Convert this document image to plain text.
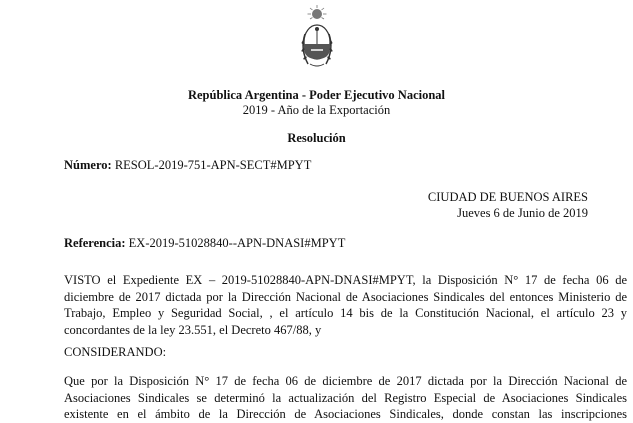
República Argentina - Poder Ejecutivo Nacional
2019 - Año de la Exportación
Resolución
Número: RESOL-2019-751-APN-SECT#MPYT
CIUDAD DE BUENOS AIRES
Jueves 6 de Junio de 2019
Referencia: EX-2019-51028840--APN-DNASI#MPYT
VISTO el Expediente EX – 2019-51028840-APN-DNASI#MPYT, la Disposición N° 17 de fecha 06 de
diciembre de 2017 dictada por la Dirección Nacional de Asociaciones Sindicales del entonces Ministerio de
Trabajo, Empleo y Seguridad Social, , el artículo 14 bis de la Constitución Nacional, el artículo 23 y
concordantes de la ley 23.551, el Decreto 467/88, y
CONSIDERANDO:
Que por la Disposición N° 17 de fecha 06 de diciembre de 2017 dictada por la Dirección Nacional de
Asociaciones Sindicales se determinó la actualización del Registro Especial de Asociaciones Sindicales
existente en el ámbito de la Dirección de Asociaciones Sindicales, donde constan las inscripciones
